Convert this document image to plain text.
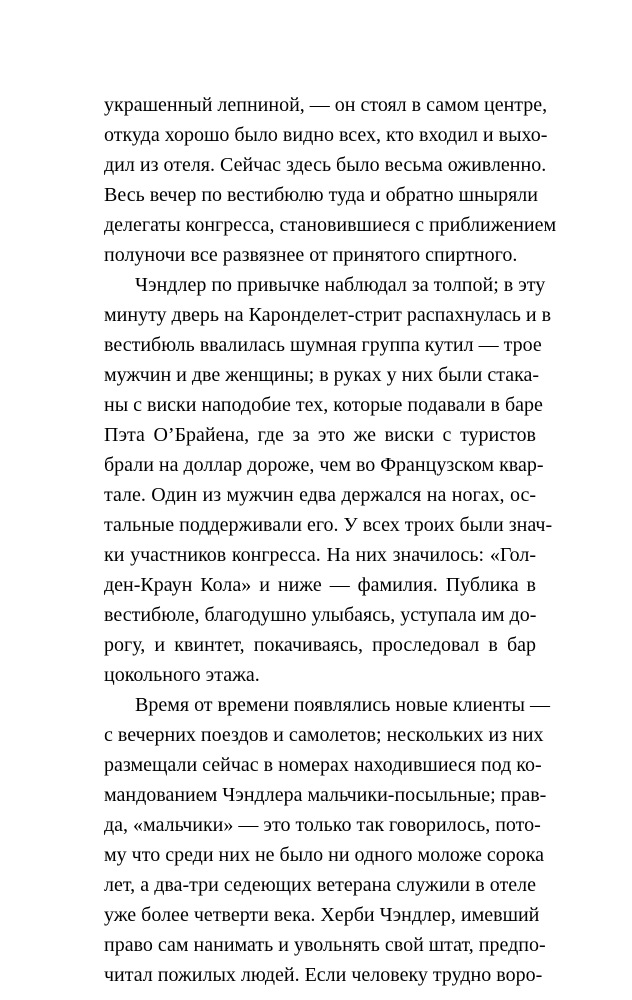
украшенный лепниной, — он стоял в самом центре,
откуда хорошо было видно всех, кто входил и выхо-
дил из отеля. Сейчас здесь было весьма оживленно.
Весь вечер по вестибюлю туда и обратно шныряли
делегаты конгресса, становившиеся с приближением
полуночи все развязнее от принятого спиртного.
Чэндлер по привычке наблюдал за толпой; в эту
минуту дверь на Каронделет-стрит распахнулась и в
вестибюль ввалилась шумная группа кутил — трое
мужчин и две женщины; в руках у них были стака-
ны с виски наподобие тех, которые подавали в баре
Пэта О’Брайена, где за это же виски с туристов
брали на доллар дороже, чем во Французском квар-
тале. Один из мужчин едва держался на ногах, ос-
тальные поддерживали его. У всех троих были знач-
ки участников конгресса. На них значилось: «Гол-
ден-Краун Кола» и ниже — фамилия. Публика в
вестибюле, благодушно улыбаясь, уступала им до-
рогу, и квинтет, покачиваясь, проследовал в бар
цокольного этажа.
Время от времени появлялись новые клиенты —
с вечерних поездов и самолетов; нескольких из них
размещали сейчас в номерах находившиеся под ко-
мандованием Чэндлера мальчики-посыльные; прав-
да, «мальчики» — это только так говорилось, пото-
му что среди них не было ни одного моложе сорока
лет, а два-три седеющих ветерана служили в отеле
уже более четверти века. Херби Чэндлер, имевший
право сам нанимать и увольнять свой штат, предпо-
читал пожилых людей. Если человеку трудно воро-
